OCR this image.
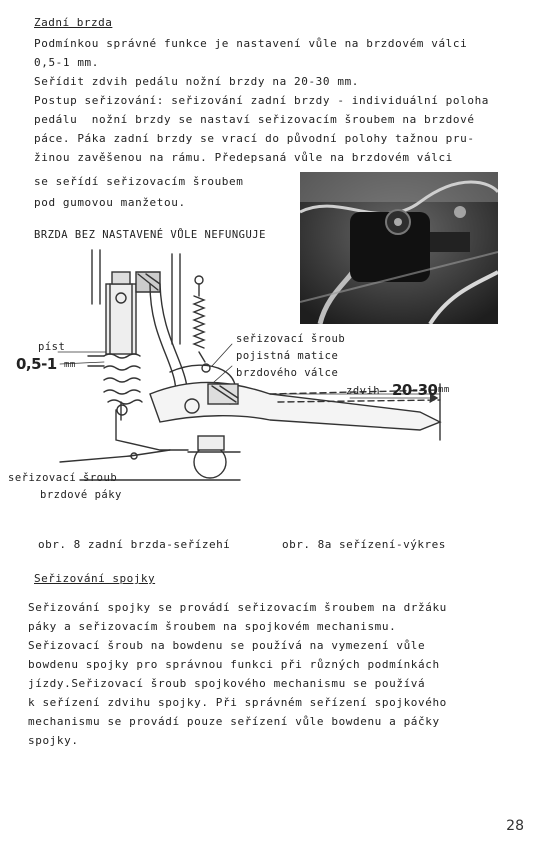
Zadní brzda
Podmínkou správné funkce je nastavení vůle na brzdovém válci
0,5-1 mm.
Seřídit zdvih pedálu nožní brzdy na 20-30 mm.
Postup seřizování: seřizování zadní brzdy - individuální poloha
pedálu  nožní brzdy se nastaví seřizovacím šroubem na brzdové
páce. Páka zadní brzdy se vrací do původní polohy tažnou pru-
žinou zavěšenou na rámu. Předepsaná vůle na brzdovém válci
se seřídí seřizovacím šroubem
pod gumovou manžetou.
BRZDA BEZ NASTAVENÉ VŮLE NEFUNGUJE
píst
0,5-1 mm
seřizovací šroub
pojistná matice
brzdového válce
zdvih 20-30 mm
seřizovací šroub
brzdové páky
obr. 8 zadní brzda-seřízehí	obr. 8a seřízení-výkres
Seřizování spojky
Seřizování spojky se provádí seřizovacím šroubem na držáku
páky a seřizovacím šroubem na spojkovém mechanismu.
Seřizovací šroub na bowdenu se používá na vymezení vůle
bowdenu spojky pro správnou funkci při různých podmínkách
jízdy.Seřizovací šroub spojkového mechanismu se používá
k seřízení zdvihu spojky. Při správném seřízení spojkového
mechanismu se provádí pouze seřízení vůle bowdenu a páčky
spojky.
28
